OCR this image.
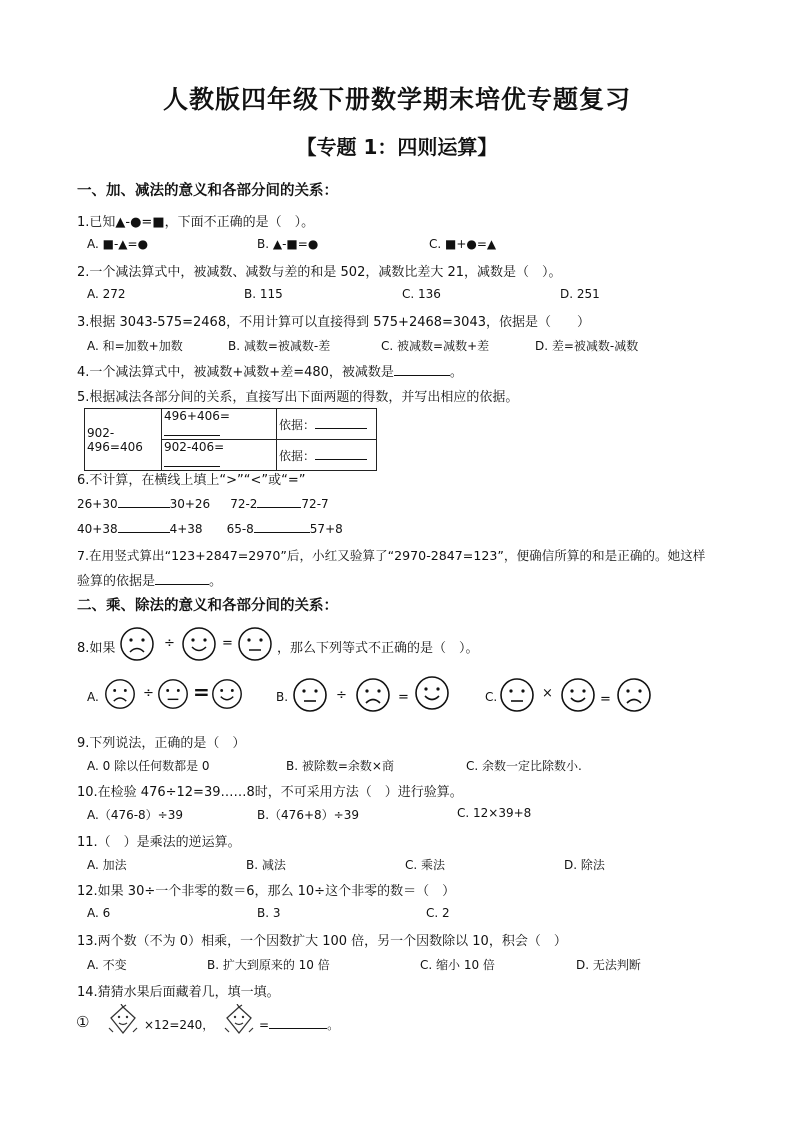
人教版四年级下册数学期末培优专题复习
【专题 1：四则运算】
一、加、减法的意义和各部分间的关系：
1.已知▲-●=■，下面不正确的是（　）。
A. ■-▲=●	B. ▲-■=●	C. ■+●=▲
2.一个减法算式中，被减数、减数与差的和是 502，减数比差大 21，减数是（　）。
A. 272	B. 115	C. 136	D. 251
3.根据 3043-575=2468，不用计算可以直接得到 575+2468=3043，依据是（　　）
A. 和=加数+加数	B. 减数=被减数-差	C. 被减数=减数+差	D. 差=被减数-减数
4.一个减法算式中，被减数+减数+差=480，被减数是	。
5.根据减法各部分间的关系，直接写出下面两题的得数，并写出相应的依据。
902-496=406	496+406=	依据：
	902-406=	依据：
6.不计算，在横线上填上“>”“<”或“=”
26+30	30+26 72-2	72-7
40+38	4+38 65-8	57+8
7.在用竖式算出“123+2847=2970”后，小红又验算了“2970-2847=123”，便确信所算的和是正确的。她这样
验算的依据是	。
二、乘、除法的意义和各部分间的关系：
8.如果	÷	=	，那么下列等式不正确的是（　）。
A.	÷ =	B.	÷	=	C.	×	=
9.下列说法，正确的是（　）
A. 0 除以任何数都是 0	B. 被除数=余数×商	C. 余数一定比除数小.
10.在检验 476÷12=39……8时，不可采用方法（　）进行验算。
A.（476-8）÷39	B.（476+8）÷39	C. 12×39+8
11.（　）是乘法的逆运算。
A. 加法	B. 减法	C. 乘法	D. 除法
12.如果 30÷一个非零的数＝6，那么 10÷这个非零的数＝（　）
A. 6	B. 3	C. 2
13.两个数（不为 0）相乘，一个因数扩大 100 倍，另一个因数除以 10，积会（　）
A. 不变	B. 扩大到原来的 10 倍	C. 缩小 10 倍	D. 无法判断
14.猜猜水果后面藏着几，填一填。
①	×12=240，	=	。
